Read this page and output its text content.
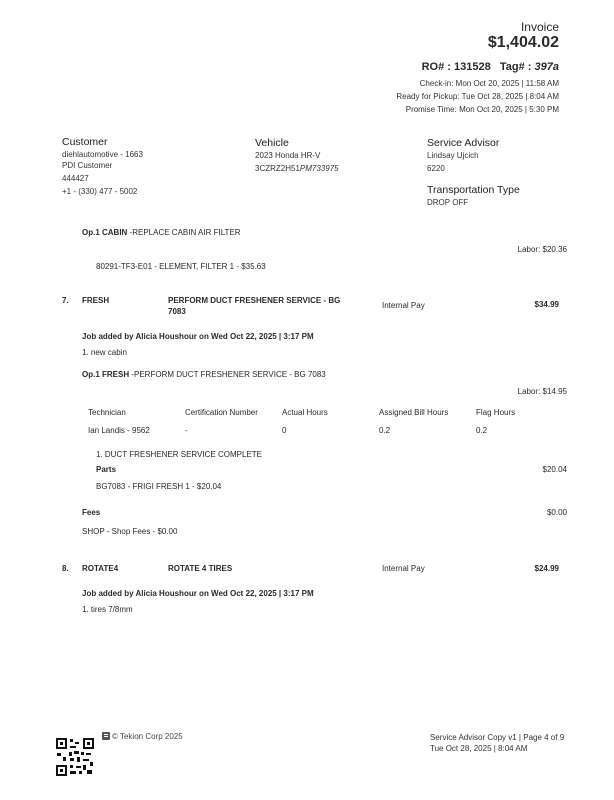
Invoice
$1,404.02
RO# : 131528 Tag# : 397a
Check-in: Mon Oct 20, 2025 | 11:58 AM
Ready for Pickup: Tue Oct 28, 2025 | 8:04 AM
Promise Time: Mon Oct 20, 2025 | 5:30 PM
Customer
diehlautomotive - 1663
PDI Customer
444427
+1 - (330) 477 - 5002
Vehicle
2023 Honda HR-V
3CZRZ2H51PM733975
Service Advisor
Lindsay Ujcich
6220
Transportation Type
DROP OFF
Op.1 CABIN -REPLACE CABIN AIR FILTER
Labor: $20.36
80291-TF3-E01 - ELEMENT, FILTER 1 - $35.63
7. FRESH	PERFORM DUCT FRESHENER SERVICE - BG
7083
Internal Pay	$34.99
Job added by Alicia Houshour on Wed Oct 22, 2025 | 3:17 PM
1. new cabin
Op.1 FRESH -PERFORM DUCT FRESHENER SERVICE - BG 7083
Labor: $14.95
Technician	Certification Number	Actual Hours	Assigned Bill Hours	Flag Hours
Ian Landis - 9562	-	0	0.2	0.2
1. DUCT FRESHENER SERVICE COMPLETE
Parts	$20.04
BG7083 - FRIGI FRESH 1 - $20.04
Fees	$0.00
SHOP - Shop Fees - $0.00
8. ROTATE4	ROTATE 4 TIRES	Internal Pay	$24.99
Job added by Alicia Houshour on Wed Oct 22, 2025 | 3:17 PM
1. tires 7/8mm
© Tekion Corp 2025	Service Advisor Copy v1 | Page 4 of 9
Tue Oct 28, 2025 | 8:04 AM
